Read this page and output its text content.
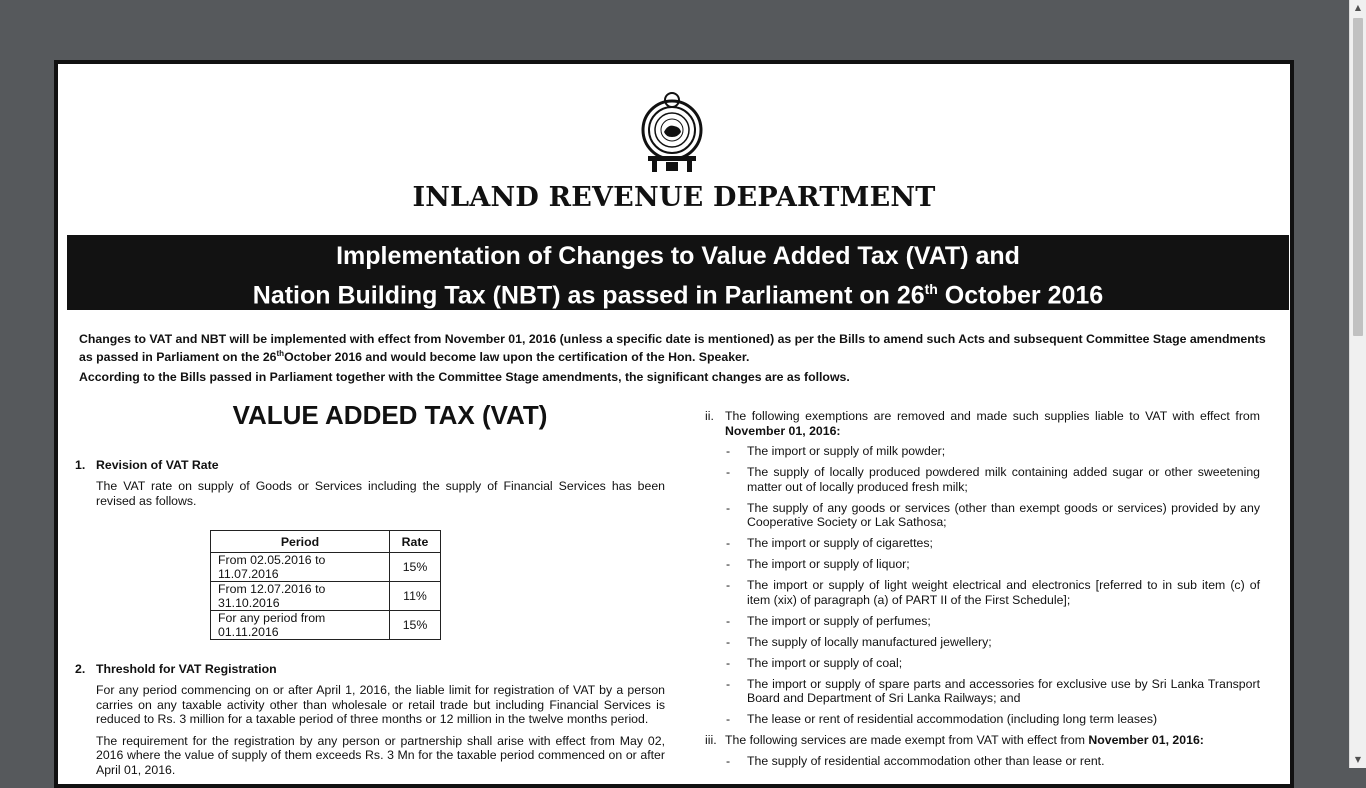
INLAND REVENUE DEPARTMENT
Implementation of Changes to Value Added Tax (VAT) and
Nation Building Tax (NBT) as passed in Parliament on 26th October 2016

Changes to VAT and NBT will be implemented with effect from November 01, 2016 (unless a specific date is mentioned) as per the Bills to amend such Acts and subsequent Committee Stage amendments as passed in Parliament on the 26thOctober 2016 and would become law upon the certification of the Hon. Speaker.

According to the Bills passed in Parliament together with the Committee Stage amendments, the significant changes are as follows.

VALUE ADDED TAX (VAT)
1. Revision of VAT Rate
The VAT rate on supply of Goods or Services including the supply of Financial Services has been revised as follows.
Period	Rate
From 02.05.2016 to 11.07.2016	15%
From 12.07.2016 to 31.10.2016	11%
For any period from 01.11.2016	15%
2. Threshold for VAT Registration
For any period commencing on or after April 1, 2016, the liable limit for registration of VAT by a person carries on any taxable activity other than wholesale or retail trade but including Financial Services is reduced to Rs. 3 million for a taxable period of three months or 12 million in the twelve months period.
The requirement for the registration by any person or partnership shall arise with effect from May 02, 2016 where the value of supply of them exceeds Rs. 3 Mn for the taxable period commenced on or after April 01, 2016.
ii. The following exemptions are removed and made such supplies liable to VAT with effect from November 01, 2016:
-	The import or supply of milk powder;
-	The supply of locally produced powdered milk containing added sugar or other sweetening matter out of locally produced fresh milk;
-	The supply of any goods or services (other than exempt goods or services) provided by any Cooperative Society or Lak Sathosa;
-	The import or supply of cigarettes;
-	The import or supply of liquor;
-	The import or supply of light weight electrical and electronics [referred to in sub item (c) of item (xix) of paragraph (a) of PART II of the First Schedule];
-	The import or supply of perfumes;
-	The supply of locally manufactured jewellery;
-	The import or supply of coal;
-	The import or supply of spare parts and accessories for exclusive use by Sri Lanka Transport Board and Department of Sri Lanka Railways; and
-	The lease or rent of residential accommodation (including long term leases)
iii. The following services are made exempt from VAT with effect from November 01, 2016:
-	The supply of residential accommodation other than lease or rent.
▲
▼
